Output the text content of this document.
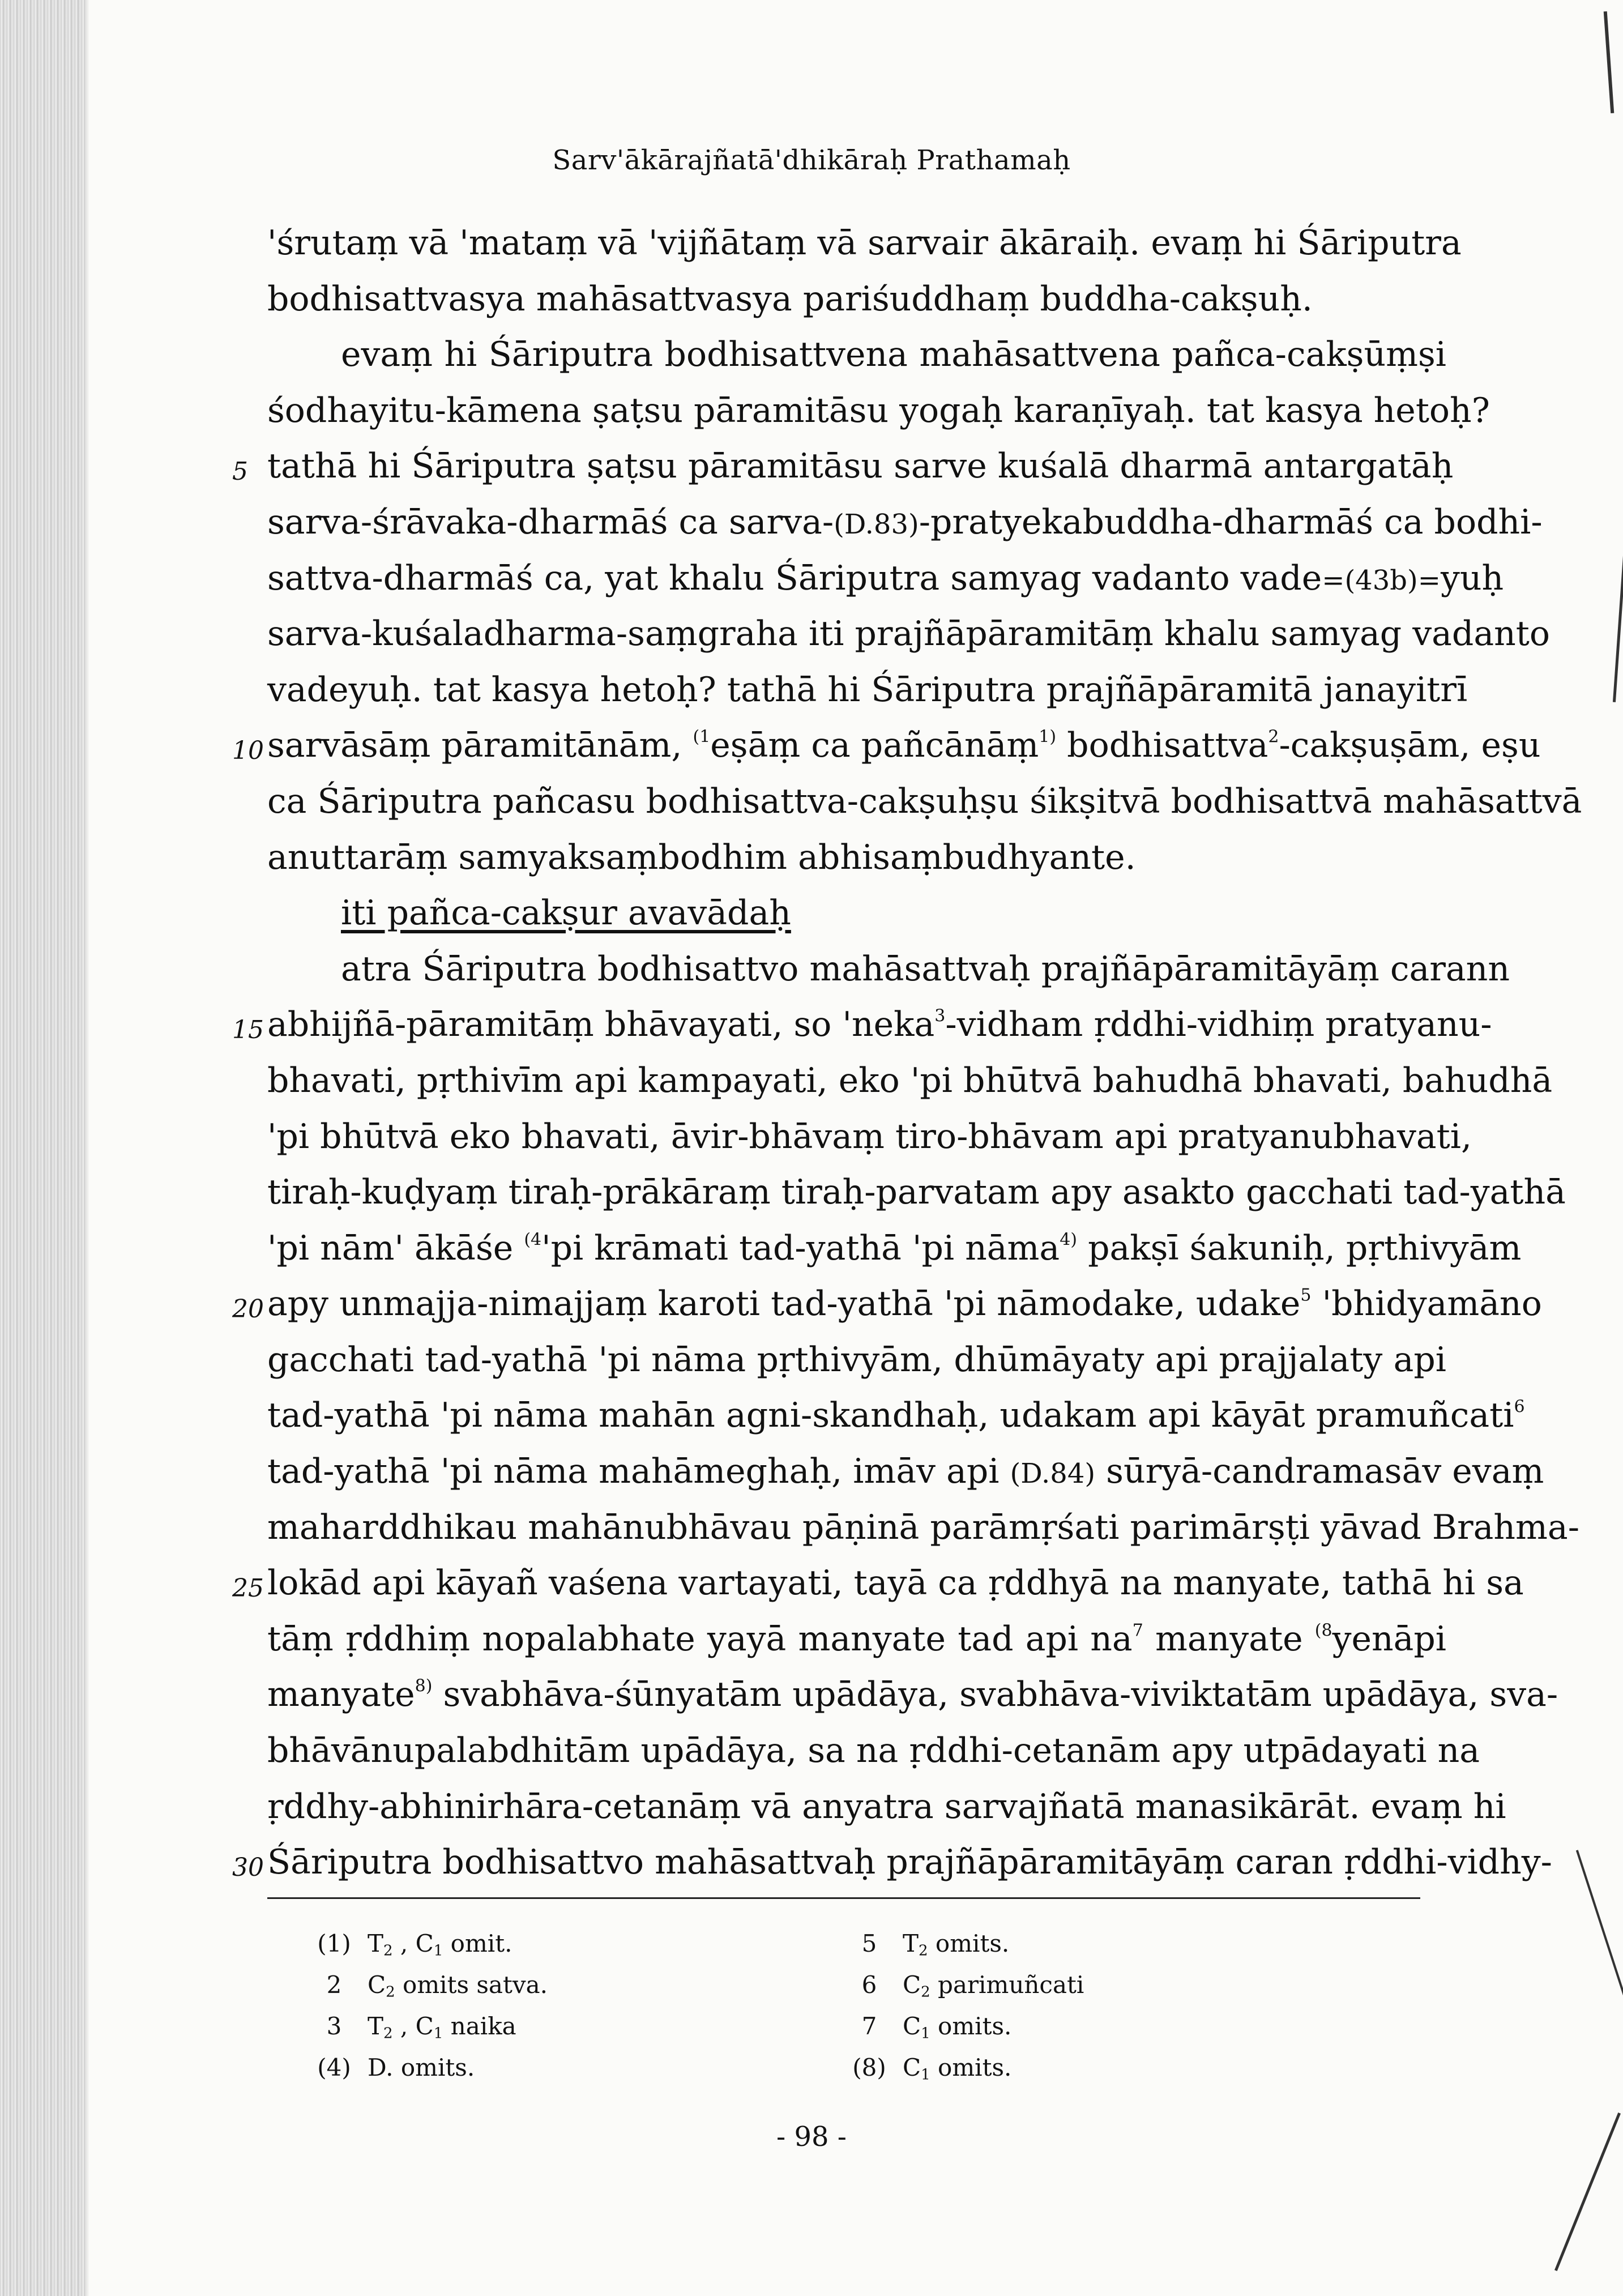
Sarv'ākārajñatā'dhikāraḥ Prathamaḥ
'śrutaṃ vā 'mataṃ vā 'vijñātaṃ vā sarvair ākāraiḥ. evaṃ hi Śāriputra
bodhisattvasya mahāsattvasya pariśuddhaṃ buddha-cakṣuḥ.
evaṃ hi Śāriputra bodhisattvena mahāsattvena pañca-cakṣūṃṣi
śodhayitu-kāmena ṣaṭsu pāramitāsu yogaḥ karaṇīyaḥ. tat kasya hetoḥ?
5 tathā hi Śāriputra ṣaṭsu pāramitāsu sarve kuśalā dharmā antargatāḥ
sarva-śrāvaka-dharmāś ca sarva-(D.83)-pratyekabuddha-dharmāś ca bodhi-
sattva-dharmāś ca, yat khalu Śāriputra samyag vadanto vade=(43b)=yuḥ
sarva-kuśaladharma-saṃgraha iti prajñāpāramitāṃ khalu samyag vadanto
vadeyuḥ. tat kasya hetoḥ? tathā hi Śāriputra prajñāpāramitā janayitrī
10 sarvāsāṃ pāramitānām, $^{(1}$eṣāṃ ca pañcānāṃ$^{1)}$ bodhisattva$^2$-cakṣuṣām, eṣu
ca Śāriputra pañcasu bodhisattva-cakṣuḥṣu śikṣitvā bodhisattvā mahāsattvā
anuttarāṃ samyaksaṃbodhim abhisaṃbudhyante.
iti pañca-cakṣur avavādaḥ
atra Śāriputra bodhisattvo mahāsattvaḥ prajñāpāramitāyāṃ carann
15 abhijñā-pāramitāṃ bhāvayati, so 'neka$^3$-vidham ṛddhi-vidhiṃ pratyanu-
bhavati, pṛthivīm api kampayati, eko 'pi bhūtvā bahudhā bhavati, bahudhā
'pi bhūtvā eko bhavati, āvir-bhāvaṃ tiro-bhāvam api pratyanubhavati,
tiraḥ-kuḍyaṃ tiraḥ-prākāraṃ tiraḥ-parvatam apy asakto gacchati tad-yathā
'pi nām' ākāśe $^{(4}$'pi krāmati tad-yathā 'pi nāma$^{4)}$ pakṣī śakuniḥ, pṛthivyām
20 apy unmajja-nimajjaṃ karoti tad-yathā 'pi nāmodake, udake$^5$ 'bhidyamāno
gacchati tad-yathā 'pi nāma pṛthivyām, dhūmāyaty api prajjalaty api
tad-yathā 'pi nāma mahān agni-skandhaḥ, udakam api kāyāt pramuñcati$^6$
tad-yathā 'pi nāma mahāmeghaḥ, imāv api (D.84) sūryā-candramasāv evaṃ
maharddhikau mahānubhāvau pāṇinā parāmṛśati parimārṣṭi yāvad Brahma-
25 lokād api kāyañ vaśena vartayati, tayā ca ṛddhyā na manyate, tathā hi sa
tāṃ ṛddhiṃ nopalabhate yayā manyate tad api $na^7$ manyate $^{(8}$yenāpi
manyate$^{8)}$ svabhāva-śūnyatām upādāya, svabhāva-viviktatām upādāya, sva-
bhāvānupalabdhitām upādāya, sa na ṛddhi-cetanām apy utpādayati na
ṛddhy-abhinirhāra-cetanāṃ vā anyatra sarvajñatā manasikārāt. evaṃ hi
30 Śāriputra bodhisattvo mahāsattvaḥ prajñāpāramitāyāṃ caran ṛddhi-vidhy-
(1) $T_2$ , $C_1$ omit.
2	$C_2$ omits satva.
3	$T_2$ , $C_1$ naika
(4) D. omits.
5	$T_2$ omits.
6	$C_2$ parimuñcati
7	$C_1$ omits.
(8) $C_1$ omits.
- 98 -
